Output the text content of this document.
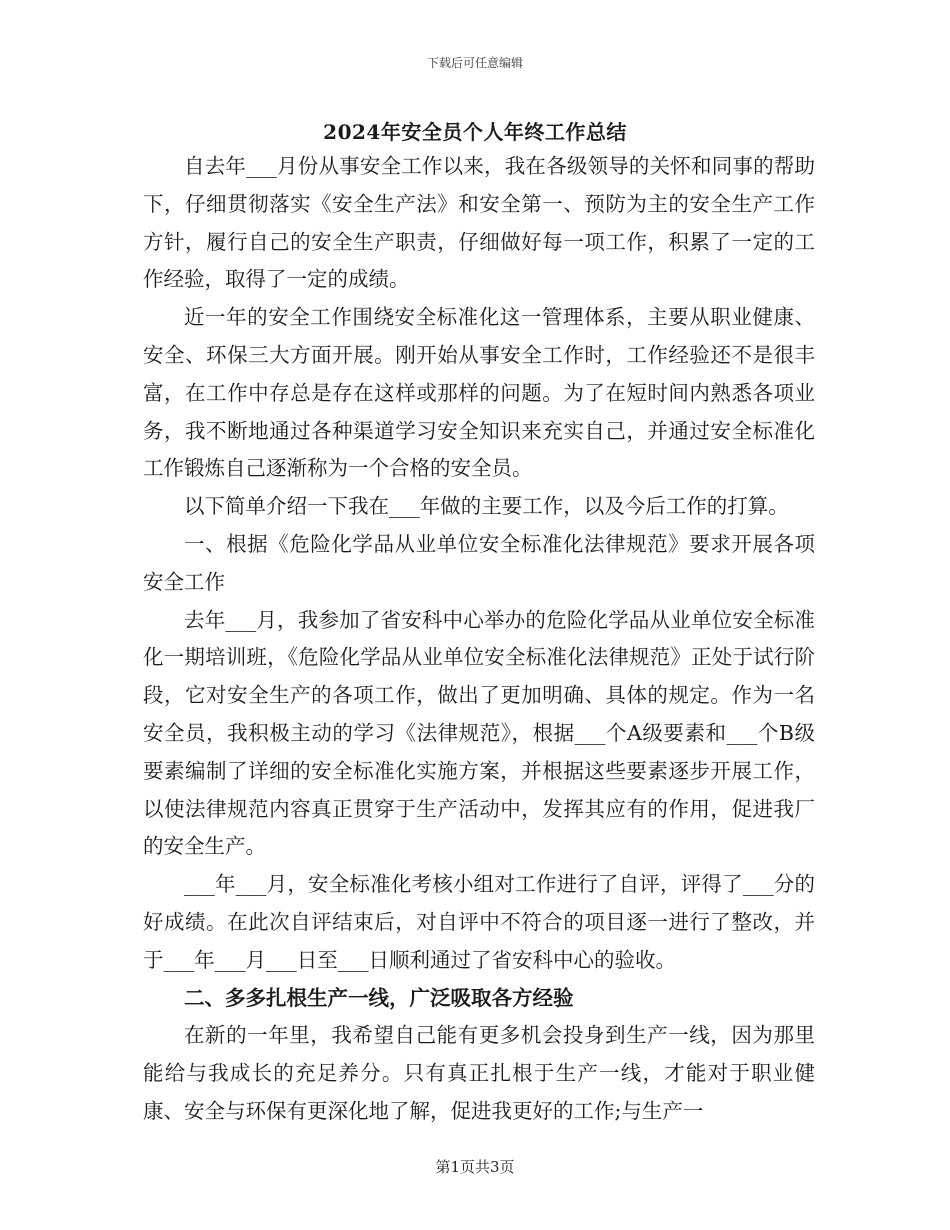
下载后可任意编辑
2024年安全员个人年终工作总结

自去年___月份从事安全工作以来，我在各级领导的关怀和同事的帮助下，仔细贯彻落实《安全生产法》和安全第一、预防为主的安全生产工作方针，履行自己的安全生产职责，仔细做好每一项工作，积累了一定的工作经验，取得了一定的成绩。

近一年的安全工作围绕安全标准化这一管理体系，主要从职业健康、安全、环保三大方面开展。刚开始从事安全工作时，工作经验还不是很丰富，在工作中存总是存在这样或那样的问题。为了在短时间内熟悉各项业务，我不断地通过各种渠道学习安全知识来充实自己，并通过安全标准化工作锻炼自己逐渐称为一个合格的安全员。

以下简单介绍一下我在___年做的主要工作，以及今后工作的打算。

一、根据《危险化学品从业单位安全标准化法律规范》要求开展各项安全工作

去年___月，我参加了省安科中心举办的危险化学品从业单位安全标准化一期培训班，《危险化学品从业单位安全标准化法律规范》正处于试行阶段，它对安全生产的各项工作，做出了更加明确、具体的规定。作为一名安全员，我积极主动的学习《法律规范》，根据___个A级要素和___个B级要素编制了详细的安全标准化实施方案，并根据这些要素逐步开展工作，以使法律规范内容真正贯穿于生产活动中，发挥其应有的作用，促进我厂的安全生产。

___年___月，安全标准化考核小组对工作进行了自评，评得了___分的好成绩。在此次自评结束后，对自评中不符合的项目逐一进行了整改，并于___年___月___日至___日顺利通过了省安科中心的验收。

二、多多扎根生产一线，广泛吸取各方经验

在新的一年里，我希望自己能有更多机会投身到生产一线，因为那里能给与我成长的充足养分。只有真正扎根于生产一线，才能对于职业健康、安全与环保有更深化地了解，促进我更好的工作;与生产一

第1页共3页
